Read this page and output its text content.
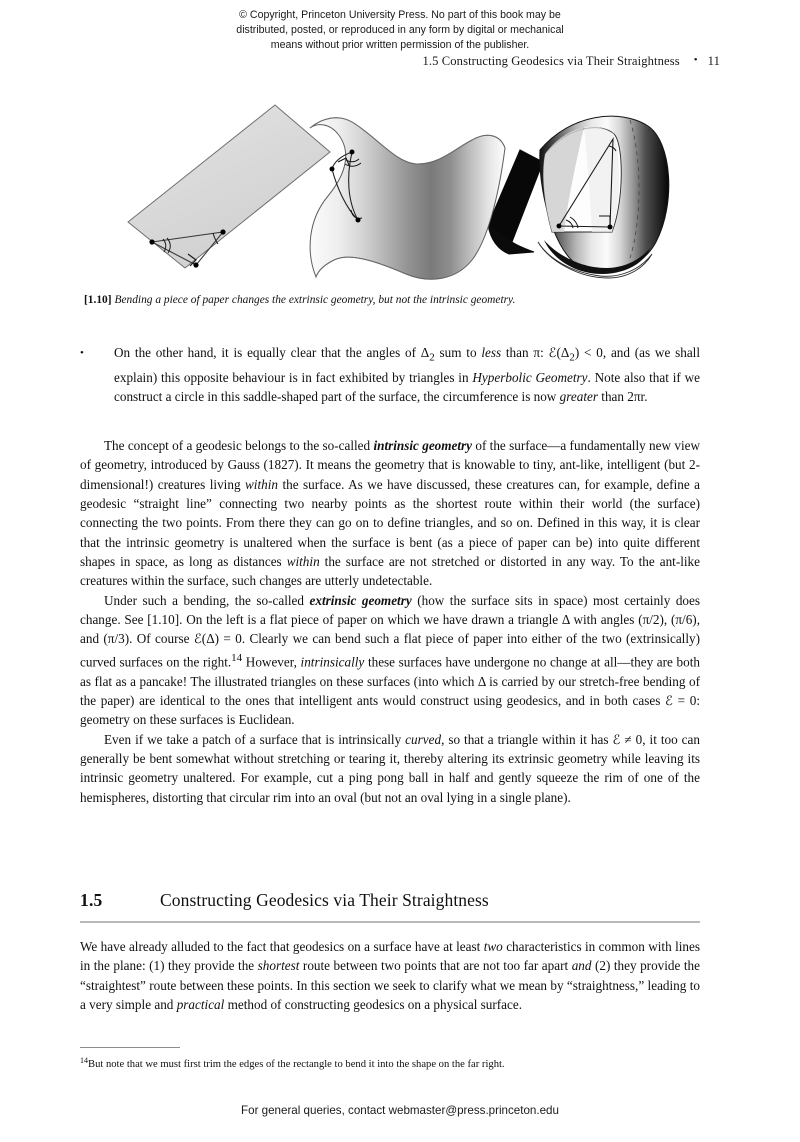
© Copyright, Princeton University Press. No part of this book may be
distributed, posted, or reproduced in any form by digital or mechanical
means without prior written permission of the publisher.
1.5 Constructing Geodesics via Their Straightness • 11
[1.10] Bending a piece of paper changes the extrinsic geometry, but not the intrinsic geometry.
• On the other hand, it is equally clear that the angles of $\Delta_2$ sum to less than π: $ℰ(\Delta_2) < 0$, and (as we shall explain) this opposite behaviour is in fact exhibited by triangles in Hyperbolic Geometry. Note also that if we construct a circle in this saddle-shaped part of the surface, the circumference is now greater than 2πr.

The concept of a geodesic belongs to the so-called intrinsic geometry of the surface—a fundamentally new view of geometry, introduced by Gauss (1827). It means the geometry that is knowable to tiny, ant-like, intelligent (but 2-dimensional!) creatures living within the surface. As we have discussed, these creatures can, for example, define a geodesic “straight line” connecting two nearby points as the shortest route within their world (the surface) connecting the two points. From there they can go on to define triangles, and so on. Defined in this way, it is clear that the intrinsic geometry is unaltered when the surface is bent (as a piece of paper can be) into quite different shapes in space, as long as distances within the surface are not stretched or distorted in any way. To the ant-like creatures within the surface, such changes are utterly undetectable.

Under such a bending, the so-called extrinsic geometry (how the surface sits in space) most certainly does change. See [1.10]. On the left is a flat piece of paper on which we have drawn a triangle Δ with angles (π/2), (π/6), and (π/3). Of course ℰ(Δ) = 0. Clearly we can bend such a flat piece of paper into either of the two (extrinsically) curved surfaces on the right.$^{14}$ However, intrinsically these surfaces have undergone no change at all—they are both as flat as a pancake! The illustrated triangles on these surfaces (into which Δ is carried by our stretch-free bending of the paper) are identical to the ones that intelligent ants would construct using geodesics, and in both cases ℰ = 0: geometry on these surfaces is Euclidean.

Even if we take a patch of a surface that is intrinsically curved, so that a triangle within it has ℰ ≠ 0, it too can generally be bent somewhat without stretching or tearing it, thereby altering its extrinsic geometry while leaving its intrinsic geometry unaltered. For example, cut a ping pong ball in half and gently squeeze the rim of one of the hemispheres, distorting that circular rim into an oval (but not an oval lying in a single plane).

1.5	Constructing Geodesics via Their Straightness

We have already alluded to the fact that geodesics on a surface have at least two characteristics in common with lines in the plane: (1) they provide the shortest route between two points that are not too far apart and (2) they provide the “straightest” route between these points. In this section we seek to clarify what we mean by “straightness,” leading to a very simple and practical method of constructing geodesics on a physical surface.

$^{14}$But note that we must first trim the edges of the rectangle to bend it into the shape on the far right.
For general queries, contact webmaster@press.princeton.edu
